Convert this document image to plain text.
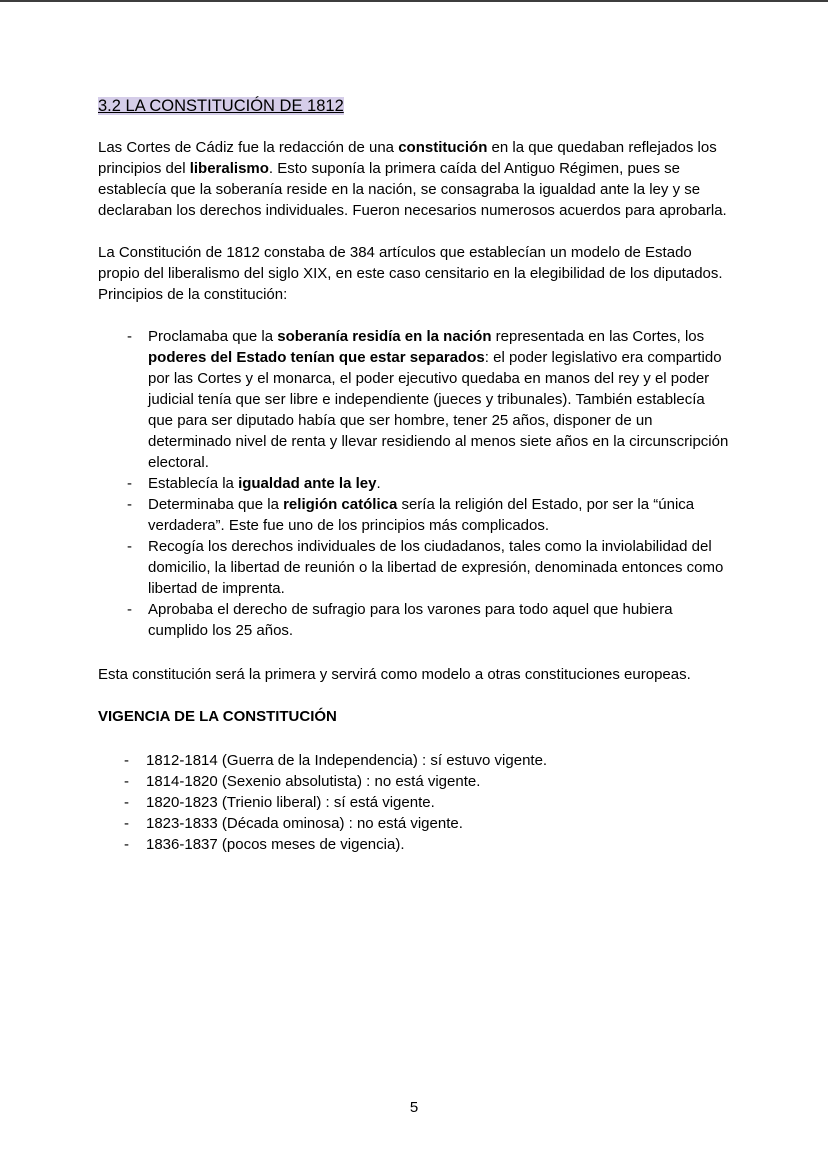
3.2 LA CONSTITUCIÓN DE 1812

Las Cortes de Cádiz fue la redacción de una constitución en la que quedaban reflejados los principios del liberalismo. Esto suponía la primera caída del Antiguo Régimen, pues se establecía que la soberanía reside en la nación, se consagraba la igualdad ante la ley y se declaraban los derechos individuales. Fueron necesarios numerosos acuerdos para aprobarla.

La Constitución de 1812 constaba de 384 artículos que establecían un modelo de Estado propio del liberalismo del siglo XIX, en este caso censitario en la elegibilidad de los diputados. Principios de la constitución:

-	Proclamaba que la soberanía residía en la nación representada en las Cortes, los poderes del Estado tenían que estar separados: el poder legislativo era compartido por las Cortes y el monarca, el poder ejecutivo quedaba en manos del rey y el poder judicial tenía que ser libre e independiente (jueces y tribunales). También establecía que para ser diputado había que ser hombre, tener 25 años, disponer de un determinado nivel de renta y llevar residiendo al menos siete años en la circunscripción electoral.
-	Establecía la igualdad ante la ley.
-	Determinaba que la religión católica sería la religión del Estado, por ser la “única verdadera”. Este fue uno de los principios más complicados.
-	Recogía los derechos individuales de los ciudadanos, tales como la inviolabilidad del domicilio, la libertad de reunión o la libertad de expresión, denominada entonces como libertad de imprenta.
-	Aprobaba el derecho de sufragio para los varones para todo aquel que hubiera cumplido los 25 años.

Esta constitución será la primera y servirá como modelo a otras constituciones europeas.

VIGENCIA DE LA CONSTITUCIÓN
-	1812-1814 (Guerra de la Independencia) : sí estuvo vigente.
-	1814-1820 (Sexenio absolutista) : no está vigente.
-	1820-1823 (Trienio liberal) : sí está vigente.
-	1823-1833 (Década ominosa) : no está vigente.
-	1836-1837 (pocos meses de vigencia).
5
